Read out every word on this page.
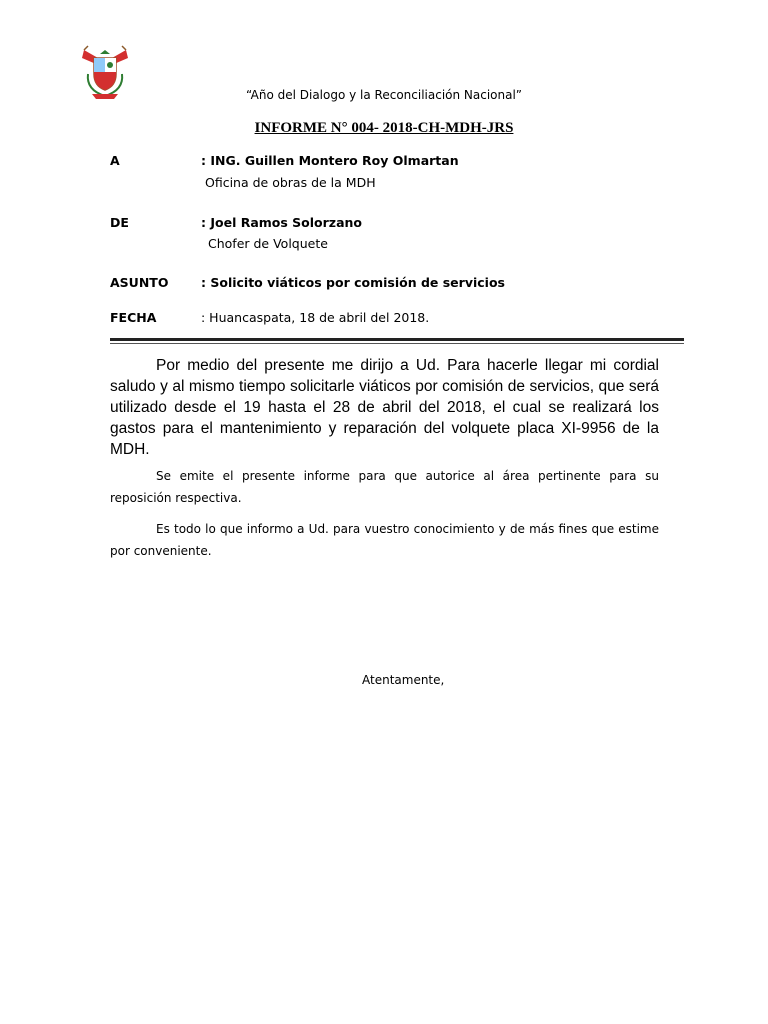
“Año del Dialogo y la Reconciliación Nacional”
INFORME N° 004- 2018-CH-MDH-JRS
A	: ING. Guillen Montero Roy Olmartan
Oficina de obras de la MDH
DE	: Joel Ramos Solorzano
Chofer de Volquete
ASUNTO	: Solicito viáticos por comisión de servicios
FECHA	: Huancaspata, 18 de abril del 2018.
Por medio del presente me dirijo a Ud. Para hacerle llegar mi cordial saludo y al mismo tiempo solicitarle viáticos por comisión de servicios, que será utilizado desde el 19 hasta el 28 de abril del 2018, el cual se realizará los gastos para el mantenimiento y reparación del volquete placa XI-9956 de la MDH.
Se emite el presente informe para que autorice al área pertinente para su reposición respectiva.
Es todo lo que informo a Ud. para vuestro conocimiento y de más fines que estime por conveniente.
Atentamente,
